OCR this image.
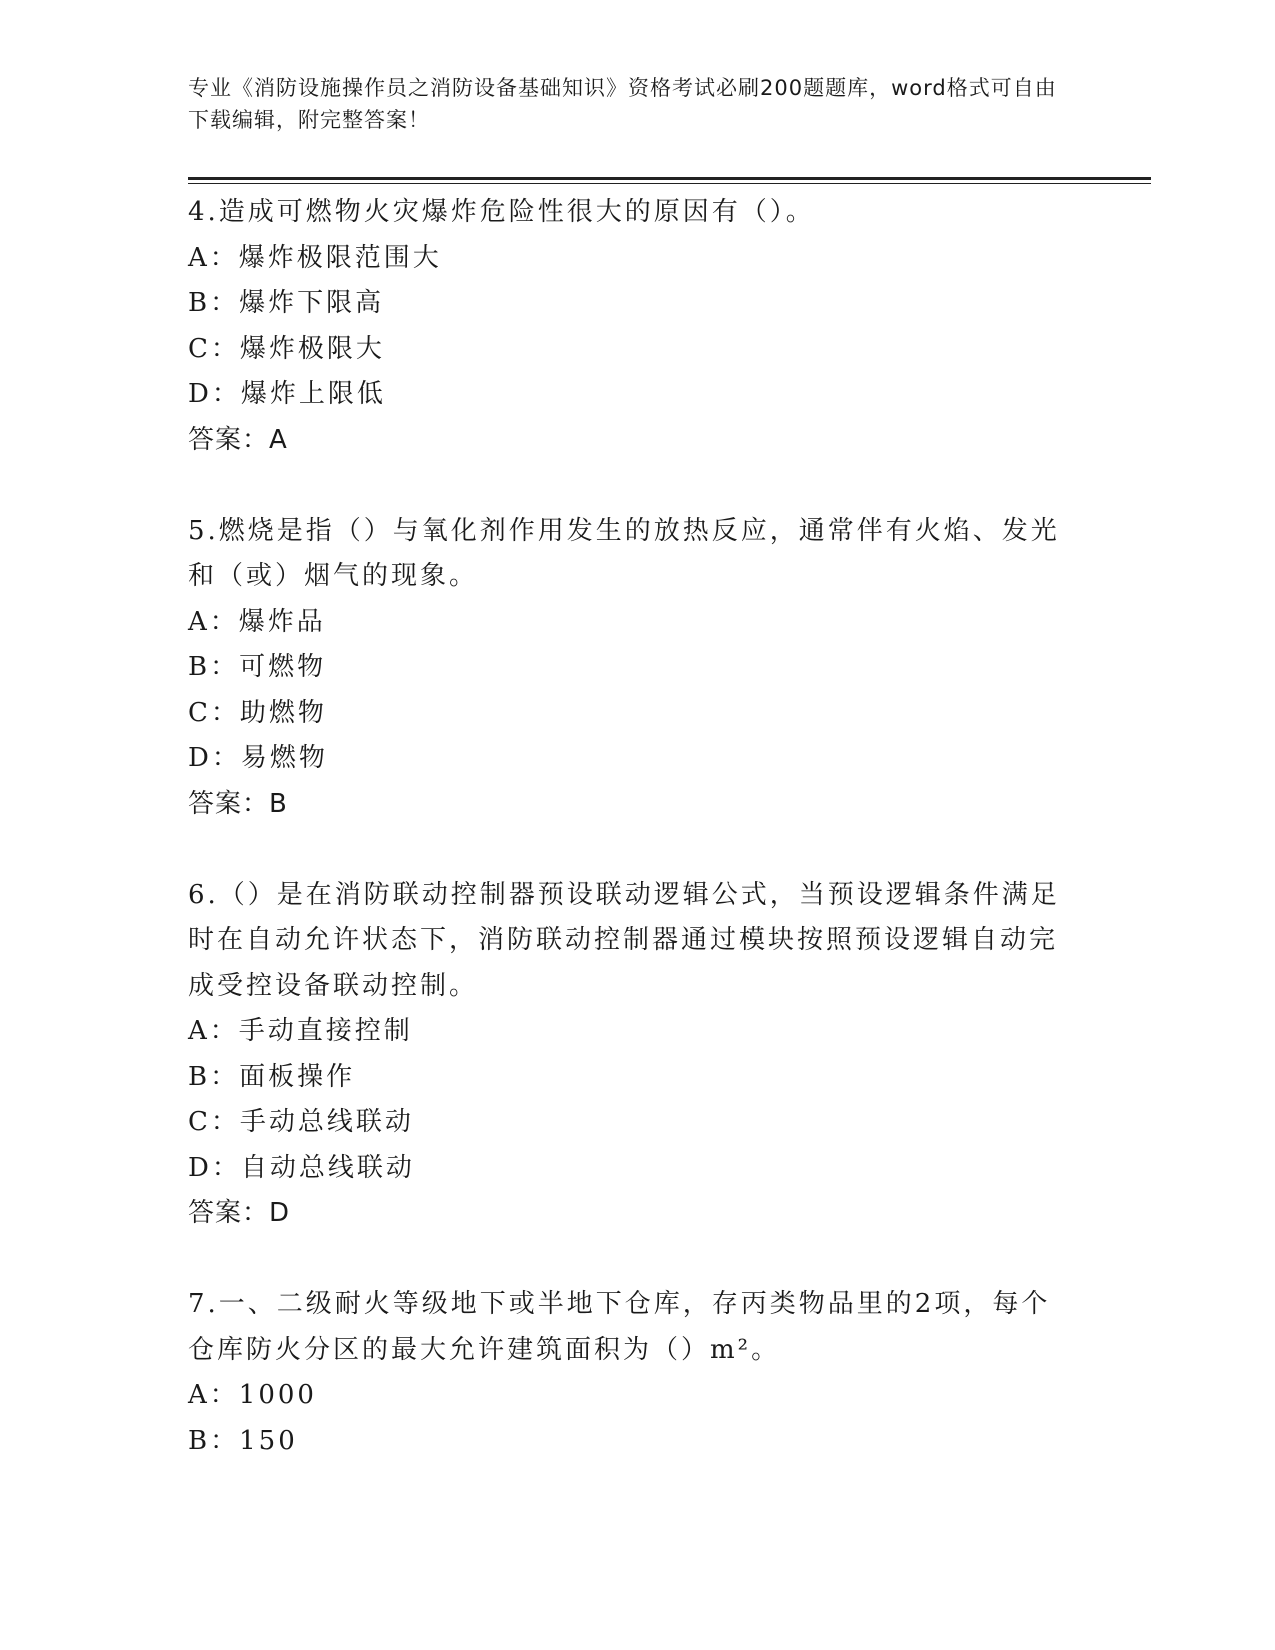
专业《消防设施操作员之消防设备基础知识》资格考试必刷200题题库，word格式可自由下载编辑，附完整答案！

4.造成可燃物火灾爆炸危险性很大的原因有（）。

A：爆炸极限范围大

B：爆炸下限高

C：爆炸极限大

D：爆炸上限低

答案：A

5.燃烧是指（）与氧化剂作用发生的放热反应，通常伴有火焰、发光和（或）烟气的现象。

A：爆炸品

B：可燃物

C：助燃物

D：易燃物

答案：B

6.（）是在消防联动控制器预设联动逻辑公式，当预设逻辑条件满足时在自动允许状态下，消防联动控制器通过模块按照预设逻辑自动完成受控设备联动控制。

A：手动直接控制

B：面板操作

C：手动总线联动

D：自动总线联动

答案：D

7.一、二级耐火等级地下或半地下仓库，存丙类物品里的2项，每个仓库防火分区的最大允许建筑面积为（）m²。

A：1000

B：150
